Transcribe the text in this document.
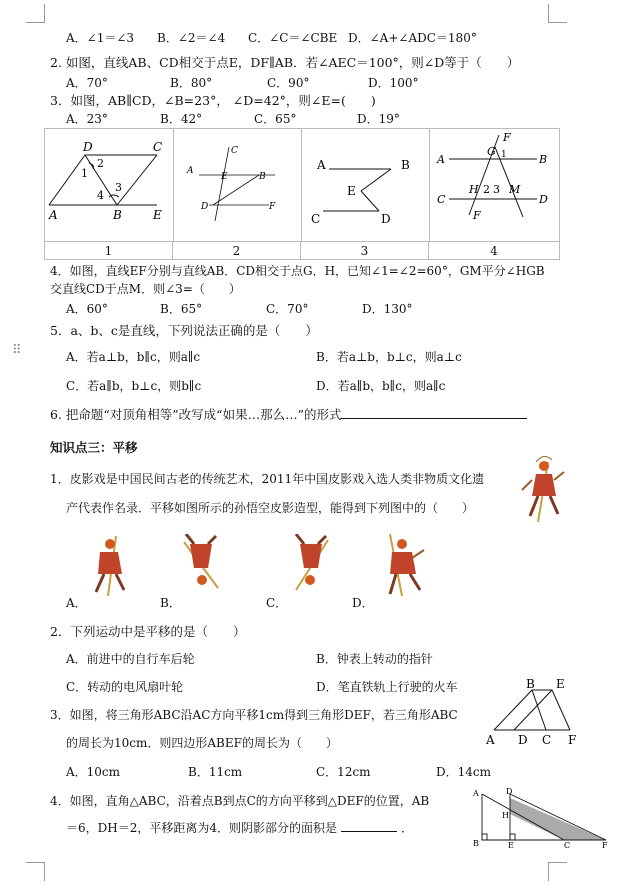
⠿
A．∠1＝∠3 B．∠2＝∠4 C．∠C＝∠CBE D．∠A+∠ADC＝180°
2. 如图，直线AB、CD相交于点E，DF∥AB．若∠AEC＝100°，则∠D等于（　　）
A．70°	B．80°	C．90°	D．100°
3．如图，AB∥CD，∠B=23°， ∠D=42°，则∠E=(　　)
A．23°	B．42°	C．65°	D．19°
D	C
A	B	E
1
2
3
4
C
A
E	B
D	F
A	B
E
C	D
F
G 1
A	B
H 2 3 M
C	D
F
1	2	3	4
4．如图，直线EF分别与直线AB．CD相交于点G．H，已知∠1=∠2=60°，GM平分∠HGB
交直线CD于点M．则∠3=（　　）
A．60°	B．65°	C．70°	D．130°
5．a、b、c是直线，下列说法正确的是（　　）
A．若a⊥b，b∥c，则a∥c	B．若a⊥b，b⊥c，则a⊥c
C．若a∥b，b⊥c，则b∥c	D．若a∥b，b∥c，则a∥c
6. 把命题“对顶角相等”改写成“如果…那么…”的形式
知识点三：平移
1．皮影戏是中国民间古老的传统艺术，2011年中国皮影戏入选人类非物质文化遗
产代表作名录．平移如图所示的孙悟空皮影造型，能得到下列图中的（　　）
A．	B．	C．	D．
2．下列运动中是平移的是（　　）
A．前进中的自行车后轮	B．钟表上转动的指针
C．转动的电风扇叶轮	D．笔直铁轨上行驶的火车	B E
A D C F
3．如图，将三角形ABC沿AC方向平移1cm得到三角形DEF，若三角形ABC
的周长为10cm．则四边形ABEF的周长为（　　）
A．10cm	B．11cm	C．12cm	D．14cm
4．如图，直角△ABC，沿着点B到点C的方向平移到△DEF的位置，AB
＝6，DH＝2，平移距离为4．则阴影部分的面积是	．
A	D
H
B	E	C	F
